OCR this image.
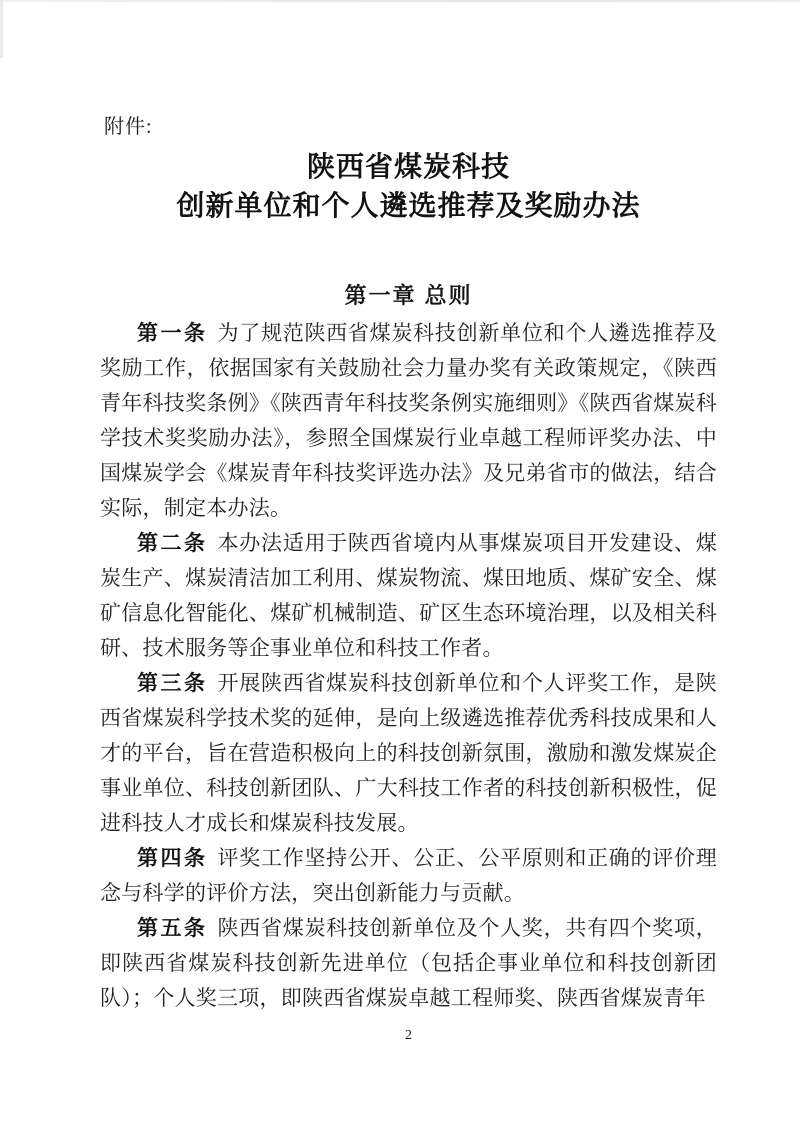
附件:
陕西省煤炭科技
创新单位和个人遴选推荐及奖励办法
第一章 总则

第一条 为了规范陕西省煤炭科技创新单位和个人遴选推荐及奖励工作，依据国家有关鼓励社会力量办奖有关政策规定，《陕西青年科技奖条例》《陕西青年科技奖条例实施细则》《陕西省煤炭科学技术奖奖励办法》，参照全国煤炭行业卓越工程师评奖办法、中国煤炭学会《煤炭青年科技奖评选办法》及兄弟省市的做法，结合实际，制定本办法。

第二条 本办法适用于陕西省境内从事煤炭项目开发建设、煤炭生产、煤炭清洁加工利用、煤炭物流、煤田地质、煤矿安全、煤矿信息化智能化、煤矿机械制造、矿区生态环境治理，以及相关科研、技术服务等企事业单位和科技工作者。

第三条 开展陕西省煤炭科技创新单位和个人评奖工作，是陕西省煤炭科学技术奖的延伸，是向上级遴选推荐优秀科技成果和人才的平台，旨在营造积极向上的科技创新氛围，激励和激发煤炭企事业单位、科技创新团队、广大科技工作者的科技创新积极性，促进科技人才成长和煤炭科技发展。

第四条 评奖工作坚持公开、公正、公平原则和正确的评价理念与科学的评价方法，突出创新能力与贡献。

第五条 陕西省煤炭科技创新单位及个人奖，共有四个奖项，即陕西省煤炭科技创新先进单位（包括企事业单位和科技创新团队）；个人奖三项，即陕西省煤炭卓越工程师奖、陕西省煤炭青年

2
